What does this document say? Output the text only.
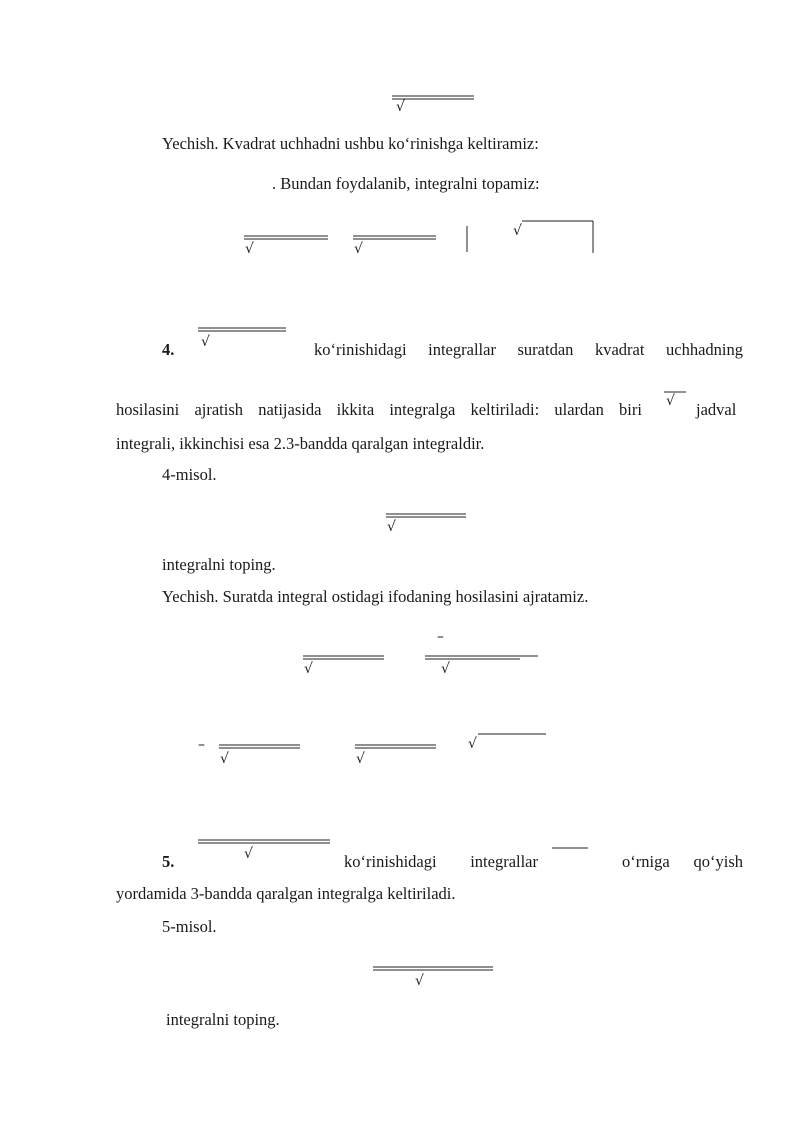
√
√	√
√
√
√
√
√	√
√	√
√
√
√
–
–
Yechish. Kvadrat uchhadni ushbu ko‘rinishga keltiramiz:
. Bundan foydalanib, integralni topamiz:
4.	ko‘rinishidagi integrallar suratdan kvadrat uchhadning
hosilasini ajratish natijasida ikkita integralga keltiriladi: ulardan biri	jadval
integrali, ikkinchisi esa 2.3-bandda qaralgan integraldir.
4-misol.
integralni toping.
Yechish. Suratda integral ostidagi ifodaning hosilasini ajratamiz.
5.	ko‘rinishidagi integrallar	o‘rniga qo‘yish
yordamida 3-bandda qaralgan integralga keltiriladi.
5-misol.
integralni toping.
